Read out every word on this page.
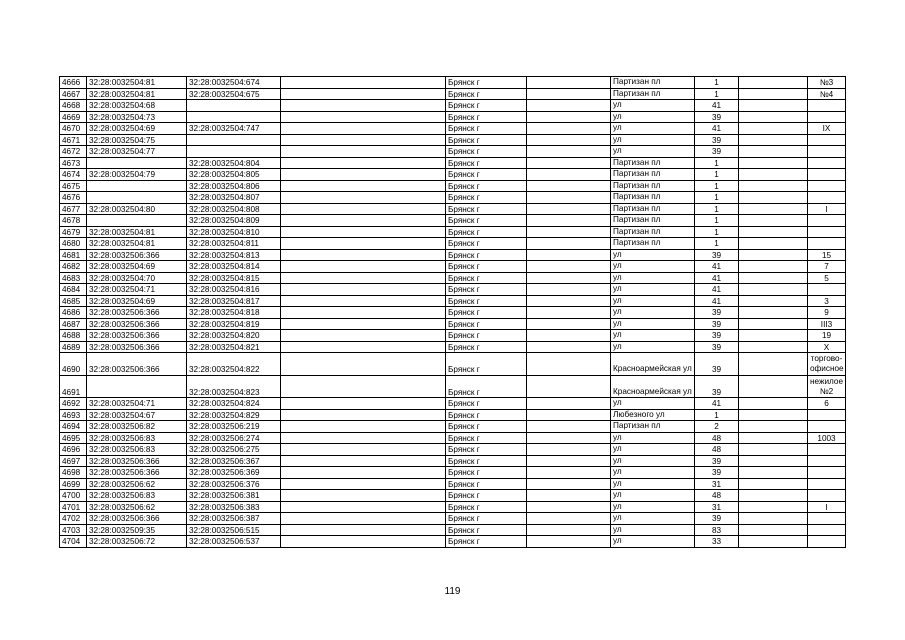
4666	32:28:0032504:81	32:28:0032504:674		Брянск г		Партизан пл	1		№3
4667	32:28:0032504:81	32:28:0032504:675		Брянск г		Партизан пл	1		№4
4668	32:28:0032504:68			Брянск г		ул	41		
4669	32:28:0032504:73			Брянск г		ул	39		
4670	32:28:0032504:69	32:28:0032504:747		Брянск г		ул	41		IX
4671	32:28:0032504:75			Брянск г		ул	39		
4672	32:28:0032504:77			Брянск г		ул	39		
4673		32:28:0032504:804		Брянск г		Партизан пл	1		
4674	32:28:0032504:79	32:28:0032504:805		Брянск г		Партизан пл	1		
4675		32:28:0032504:806		Брянск г		Партизан пл	1		
4676		32:28:0032504:807		Брянск г		Партизан пл	1		
4677	32:28:0032504:80	32:28:0032504:808		Брянск г		Партизан пл	1		I
4678		32:28:0032504:809		Брянск г		Партизан пл	1		
4679	32:28:0032504:81	32:28:0032504:810		Брянск г		Партизан пл	1		
4680	32:28:0032504:81	32:28:0032504:811		Брянск г		Партизан пл	1		
4681	32:28:0032506:366	32:28:0032504:813		Брянск г		ул	39		15
4682	32:28:0032504:69	32:28:0032504:814		Брянск г		ул	41		7
4683	32:28:0032504:70	32:28:0032504:815		Брянск г		ул	41		5
4684	32:28:0032504:71	32:28:0032504:816		Брянск г		ул	41		
4685	32:28:0032504:69	32:28:0032504:817		Брянск г		ул	41		3
4686	32:28:0032506:366	32:28:0032504:818		Брянск г		ул	39		9
4687	32:28:0032506:366	32:28:0032504:819		Брянск г		ул	39		III3
4688	32:28:0032506:366	32:28:0032504:820		Брянск г		ул	39		19
4689	32:28:0032506:366	32:28:0032504:821		Брянск г		ул	39		X
4690	32:28:0032506:366	32:28:0032504:822		Брянск г		Красноармейская ул	39		торгово-офисное
4691		32:28:0032504:823		Брянск г		Красноармейская ул	39		нежилое №2
4692	32:28:0032504:71	32:28:0032504:824		Брянск г		ул	41		6
4693	32:28:0032504:67	32:28:0032504:829		Брянск г		Любезного ул	1		
4694	32:28:0032506:82	32:28:0032506:219		Брянск г		Партизан пл	2		
4695	32:28:0032506:83	32:28:0032506:274		Брянск г		ул	48		1003
4696	32:28:0032506:83	32:28:0032506:275		Брянск г		ул	48		
4697	32:28:0032506:366	32:28:0032506:367		Брянск г		ул	39		
4698	32:28:0032506:366	32:28:0032506:369		Брянск г		ул	39		
4699	32:28:0032506:62	32:28:0032506:376		Брянск г		ул	31		
4700	32:28:0032506:83	32:28:0032506:381		Брянск г		ул	48		
4701	32:28:0032506:62	32:28:0032506:383		Брянск г		ул	31		I
4702	32:28:0032506:366	32:28:0032506:387		Брянск г		ул	39		
4703	32:28:0032509:35	32:28:0032506:515		Брянск г		ул	83		
4704	32:28:0032506:72	32:28:0032506:537		Брянск г		ул	33		
119
